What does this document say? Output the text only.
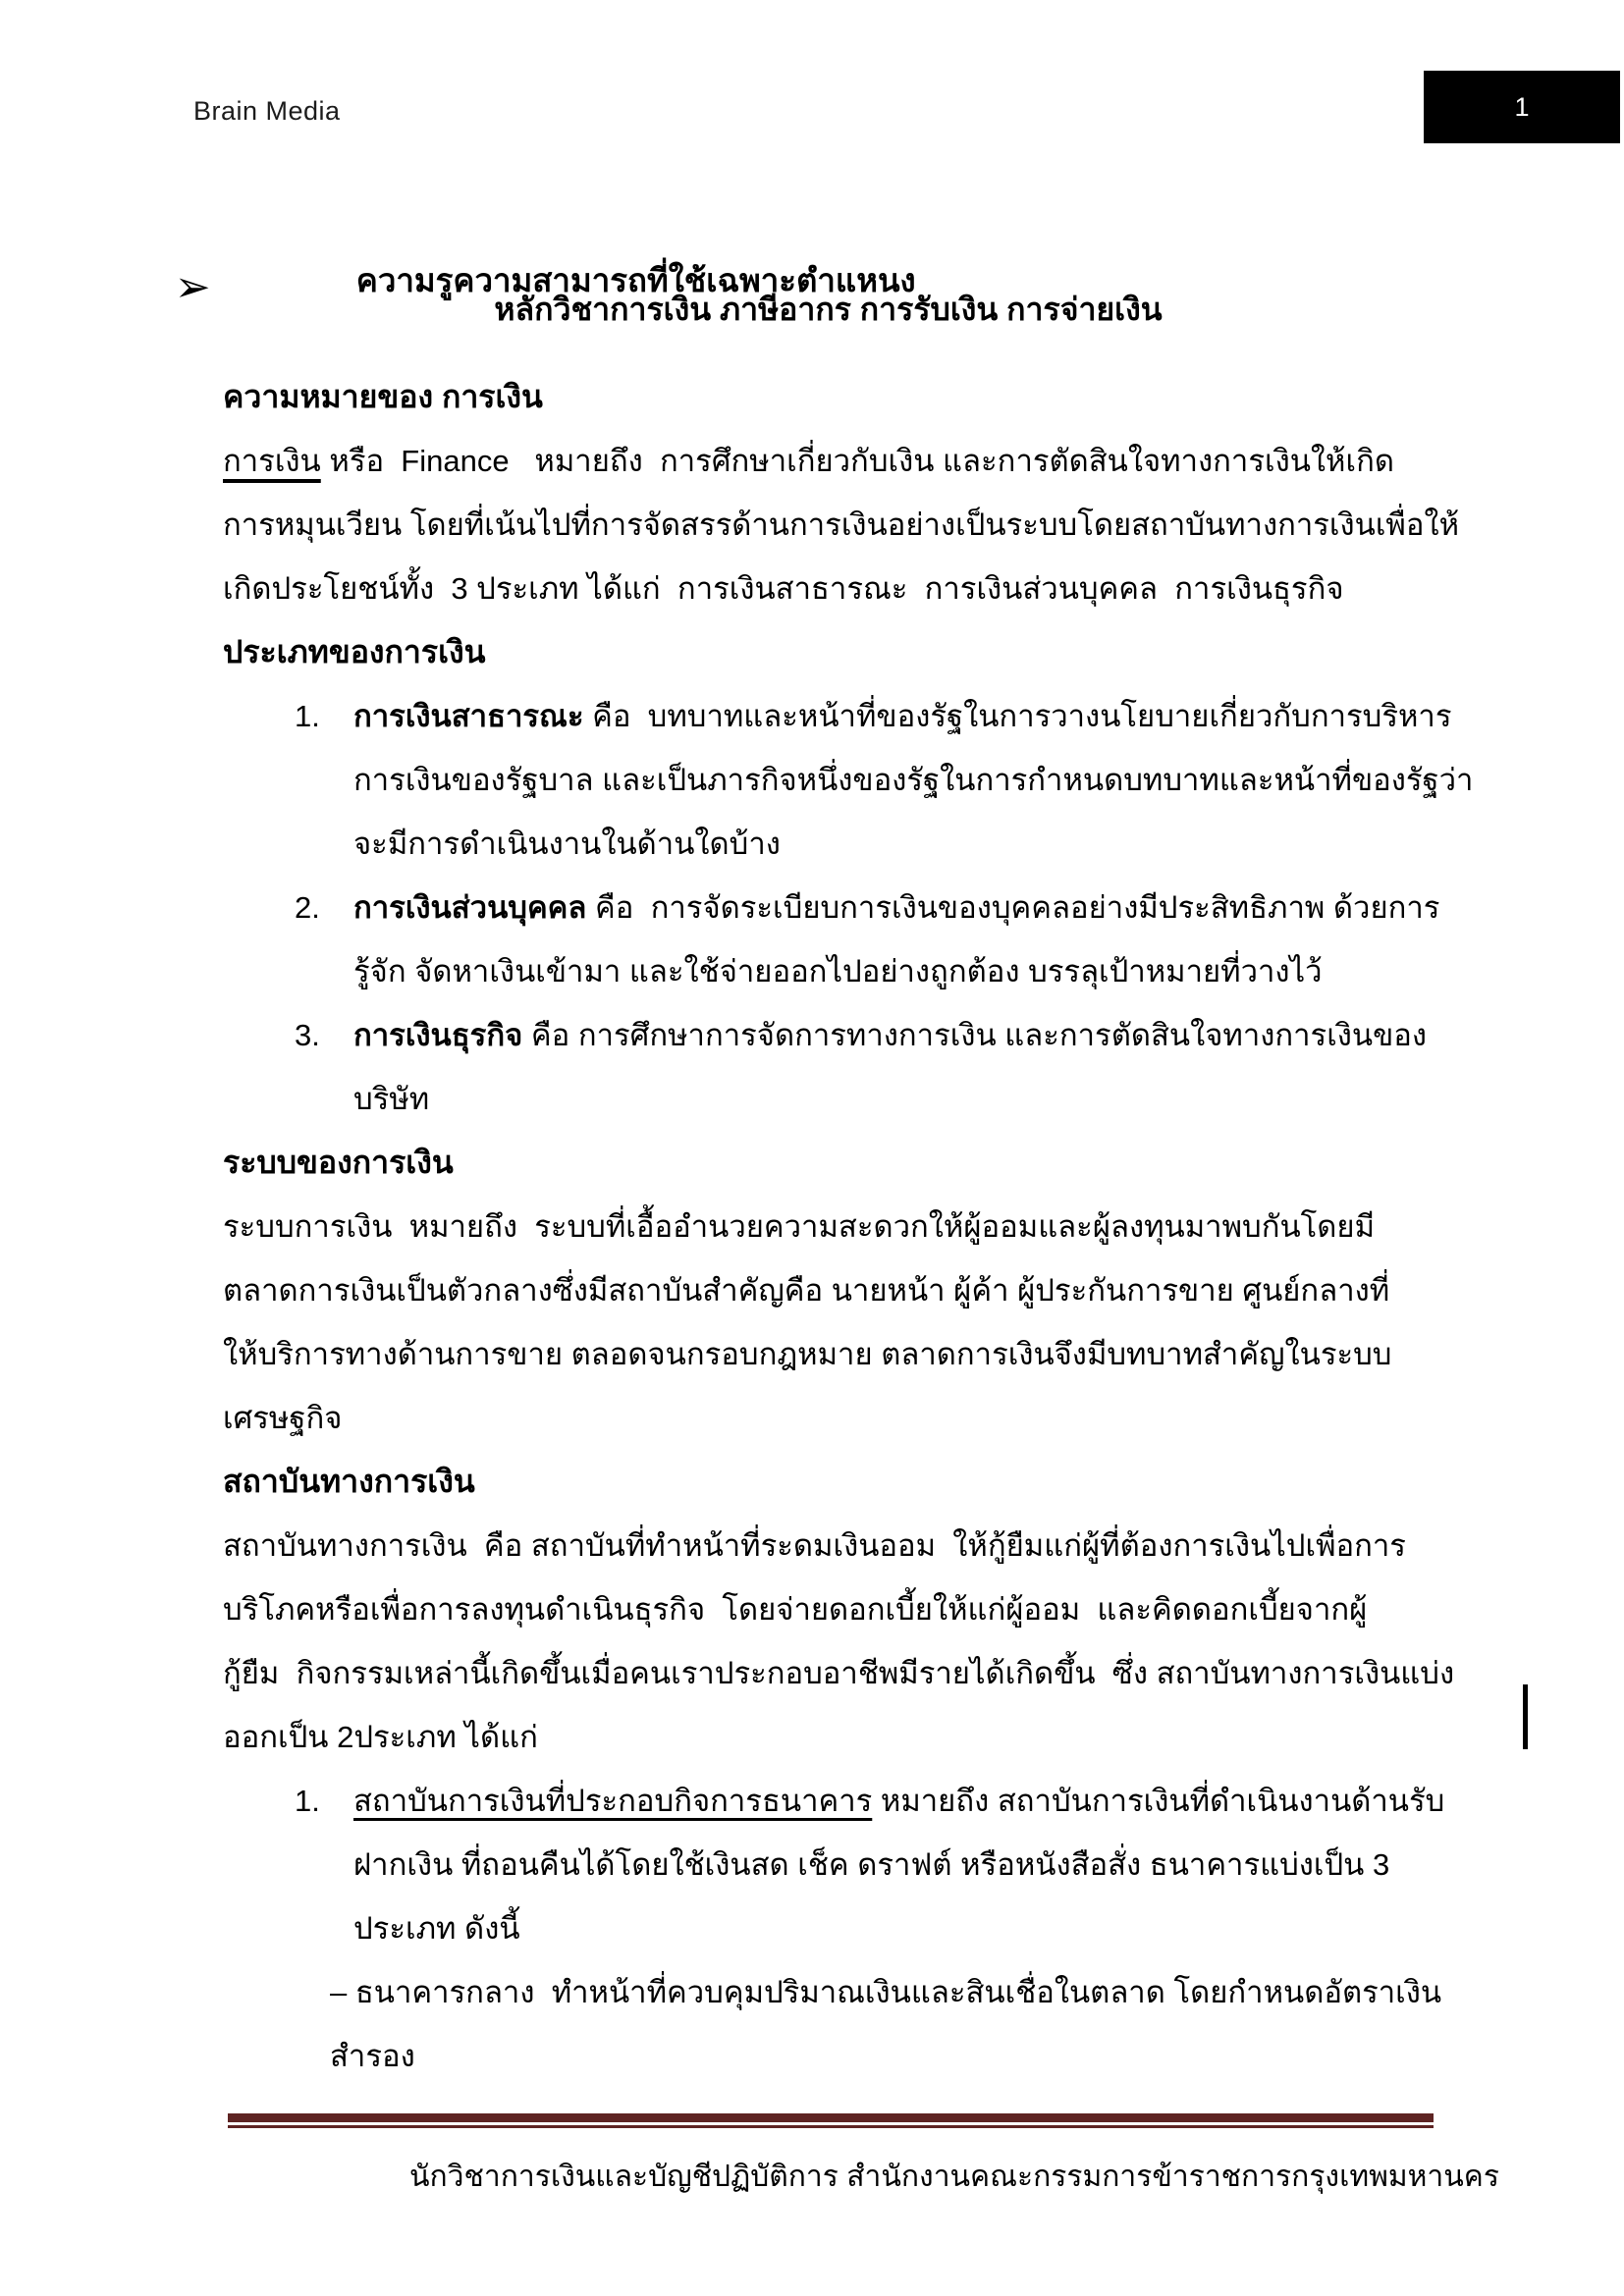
Brain Media	1

➢	ความรูความสามารถที่ใช้เฉพาะตำแหนง

หลักวิชาการเงิน ภาษีอากร การรับเงิน การจ่ายเงิน
ความหมายของ การเงิน
การเงิน หรือ  Finance   หมายถึง  การศึกษาเกี่ยวกับเงิน และการตัดสินใจทางการเงินให้เกิด
การหมุนเวียน โดยที่เน้นไปที่การจัดสรรด้านการเงินอย่างเป็นระบบโดยสถาบันทางการเงินเพื่อให้
เกิดประโยชน์ทั้ง  3 ประเภท ได้แก่  การเงินสาธารณะ  การเงินส่วนบุคคล  การเงินธุรกิจ
ประเภทของการเงิน
1. การเงินสาธารณะ คือ  บทบาทและหน้าที่ของรัฐในการวางนโยบายเกี่ยวกับการบริหาร
การเงินของรัฐบาล และเป็นภารกิจหนึ่งของรัฐในการกำหนดบทบาทและหน้าที่ของรัฐว่า
จะมีการดำเนินงานในด้านใดบ้าง
2. การเงินส่วนบุคคล คือ  การจัดระเบียบการเงินของบุคคลอย่างมีประสิทธิภาพ ด้วยการ
รู้จัก จัดหาเงินเข้ามา และใช้จ่ายออกไปอย่างถูกต้อง บรรลุเป้าหมายที่วางไว้
3. การเงินธุรกิจ คือ การศึกษาการจัดการทางการเงิน และการตัดสินใจทางการเงินของ
บริษัท
ระบบของการเงิน
ระบบการเงิน  หมายถึง  ระบบที่เอื้ออำนวยความสะดวกให้ผู้ออมและผู้ลงทุนมาพบกันโดยมี
ตลาดการเงินเป็นตัวกลางซึ่งมีสถาบันสำคัญคือ นายหน้า ผู้ค้า ผู้ประกันการขาย ศูนย์กลางที่
ให้บริการทางด้านการขาย ตลอดจนกรอบกฎหมาย ตลาดการเงินจึงมีบทบาทสำคัญในระบบ
เศรษฐกิจ
สถาบันทางการเงิน
สถาบันทางการเงิน  คือ สถาบันที่ทำหน้าที่ระดมเงินออม  ให้กู้ยืมแก่ผู้ที่ต้องการเงินไปเพื่อการ
บริโภคหรือเพื่อการลงทุนดำเนินธุรกิจ  โดยจ่ายดอกเบี้ยให้แก่ผู้ออม  และคิดดอกเบี้ยจากผู้
กู้ยืม  กิจกรรมเหล่านี้เกิดขึ้นเมื่อคนเราประกอบอาชีพมีรายได้เกิดขึ้น  ซึ่ง สถาบันทางการเงินแบ่ง
ออกเป็น 2ประเภท ได้แก่
1. สถาบันการเงินที่ประกอบกิจการธนาคาร หมายถึง สถาบันการเงินที่ดำเนินงานด้านรับ
ฝากเงิน ที่ถอนคืนได้โดยใช้เงินสด เช็ค ดราฟต์ หรือหนังสือสั่ง ธนาคารแบ่งเป็น 3
ประเภท ดังนี้
– ธนาคารกลาง  ทำหน้าที่ควบคุมปริมาณเงินและสินเชื่อในตลาด โดยกำหนดอัตราเงิน
สำรอง
นักวิชาการเงินและบัญชีปฏิบัติการ สำนักงานคณะกรรมการข้าราชการกรุงเทพมหานคร
